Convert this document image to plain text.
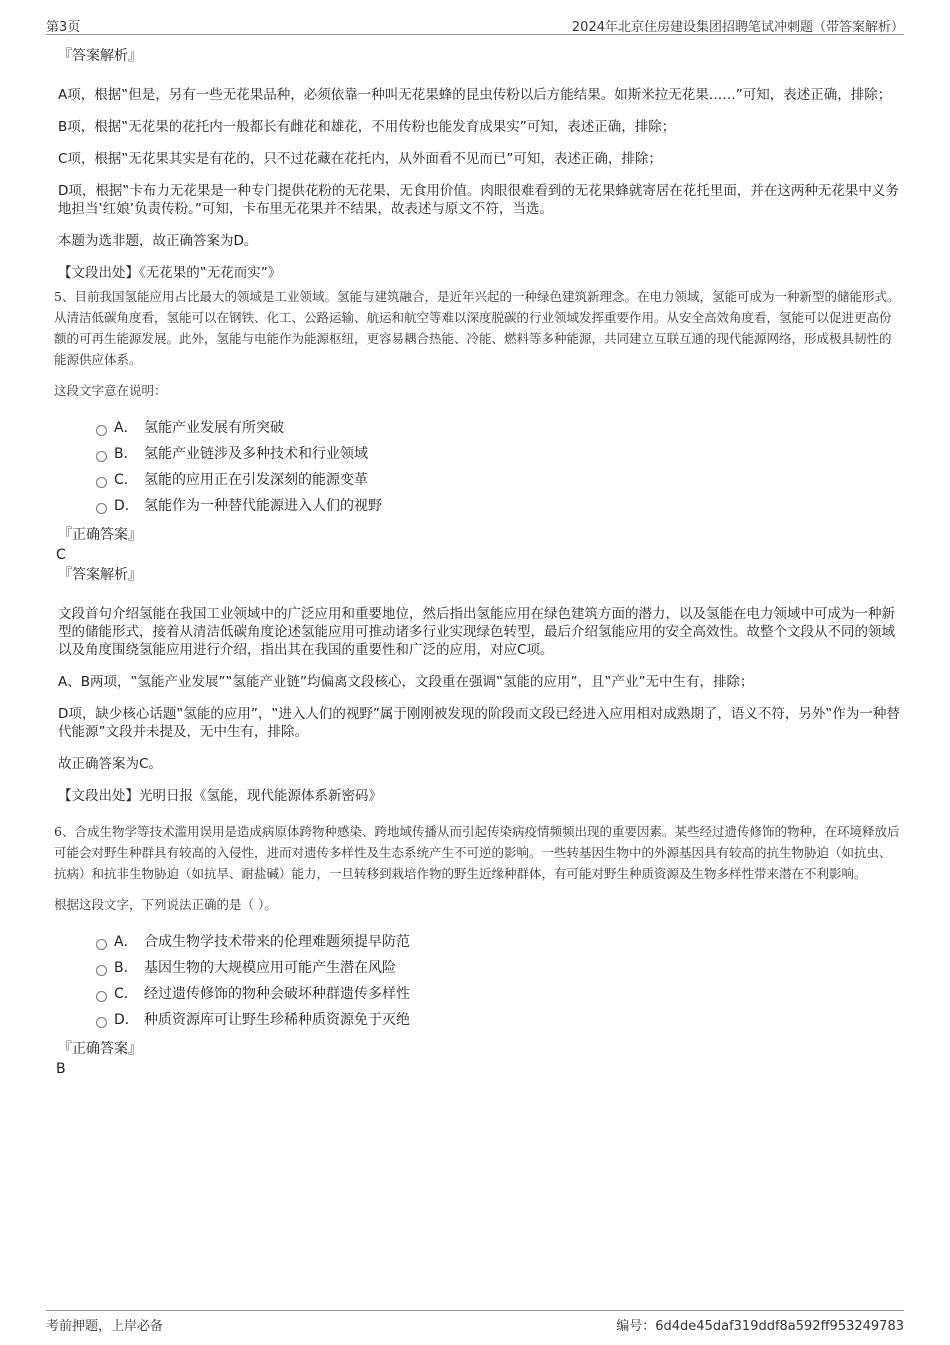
第3页	2024年北京住房建设集团招聘笔试冲刺题（带答案解析）

『答案解析』

A项，根据‟但是，另有一些无花果品种，必须依靠一种叫无花果蜂的昆虫传粉以后方能结果。如斯米拉无花果……”可知，表述正确，排除；

B项，根据‟无花果的花托内一般都长有雌花和雄花，不用传粉也能发育成果实”可知，表述正确，排除；

C项，根据‟无花果其实是有花的，只不过花藏在花托内，从外面看不见而已”可知，表述正确，排除；

D项，根据‟卡布力无花果是一种专门提供花粉的无花果，无食用价值。肉眼很难看到的无花果蜂就寄居在花托里面，并在这两种无花果中义务地担当‛红娘’负责传粉。”可知，卡布里无花果并不结果，故表述与原文不符，当选。

本题为选非题，故正确答案为D。

【文段出处】《无花果的‟无花而实”》

5、目前我国氢能应用占比最大的领域是工业领域。氢能与建筑融合，是近年兴起的一种绿色建筑新理念。在电力领域，氢能可成为一种新型的储能形式。从清洁低碳角度看，氢能可以在钢铁、化工、公路运输、航运和航空等难以深度脱碳的行业领域发挥重要作用。从安全高效角度看，氢能可以促进更高份额的可再生能源发展。此外，氢能与电能作为能源枢纽，更容易耦合热能、冷能、燃料等多种能源，共同建立互联互通的现代能源网络，形成极具韧性的能源供应体系。

这段文字意在说明：

A． 氢能产业发展有所突破
B． 氢能产业链涉及多种技术和行业领域
C． 氢能的应用正在引发深刻的能源变革
D． 氢能作为一种替代能源进入人们的视野

『正确答案』

C

『答案解析』

文段首句介绍氢能在我国工业领域中的广泛应用和重要地位，然后指出氢能应用在绿色建筑方面的潜力，以及氢能在电力领域中可成为一种新型的储能形式，接着从清洁低碳角度论述氢能应用可推动诸多行业实现绿色转型，最后介绍氢能应用的安全高效性。故整个文段从不同的领域以及角度围绕氢能应用进行介绍，指出其在我国的重要性和广泛的应用，对应C项。

A、B两项，‟氢能产业发展”‟氢能产业链”均偏离文段核心，文段重在强调‟氢能的应用”，且‟产业”无中生有，排除；

D项，缺少核心话题‟氢能的应用”，‟进入人们的视野”属于刚刚被发现的阶段而文段已经进入应用相对成熟期了，语义不符，另外‟作为一种替代能源”文段并未提及，无中生有，排除。

故正确答案为C。

【文段出处】光明日报《氢能，现代能源体系新密码》

6、合成生物学等技术滥用误用是造成病原体跨物种感染、跨地域传播从而引起传染病疫情频频出现的重要因素。某些经过遗传修饰的物种，在环境释放后可能会对野生种群具有较高的入侵性，进而对遗传多样性及生态系统产生不可逆的影响。一些转基因生物中的外源基因具有较高的抗生物胁迫（如抗虫、抗病）和抗非生物胁迫（如抗旱、耐盐碱）能力，一旦转移到栽培作物的野生近缘种群体，有可能对野生种质资源及生物多样性带来潜在不利影响。

根据这段文字，下列说法正确的是（ ）。

A． 合成生物学技术带来的伦理难题须提早防范
B． 基因生物的大规模应用可能产生潜在风险
C． 经过遗传修饰的物种会破坏种群遗传多样性
D． 种质资源库可让野生珍稀种质资源免于灭绝

『正确答案』

B

考前押题，上岸必备	编号：6d4de45daf319ddf8a592ff953249783
